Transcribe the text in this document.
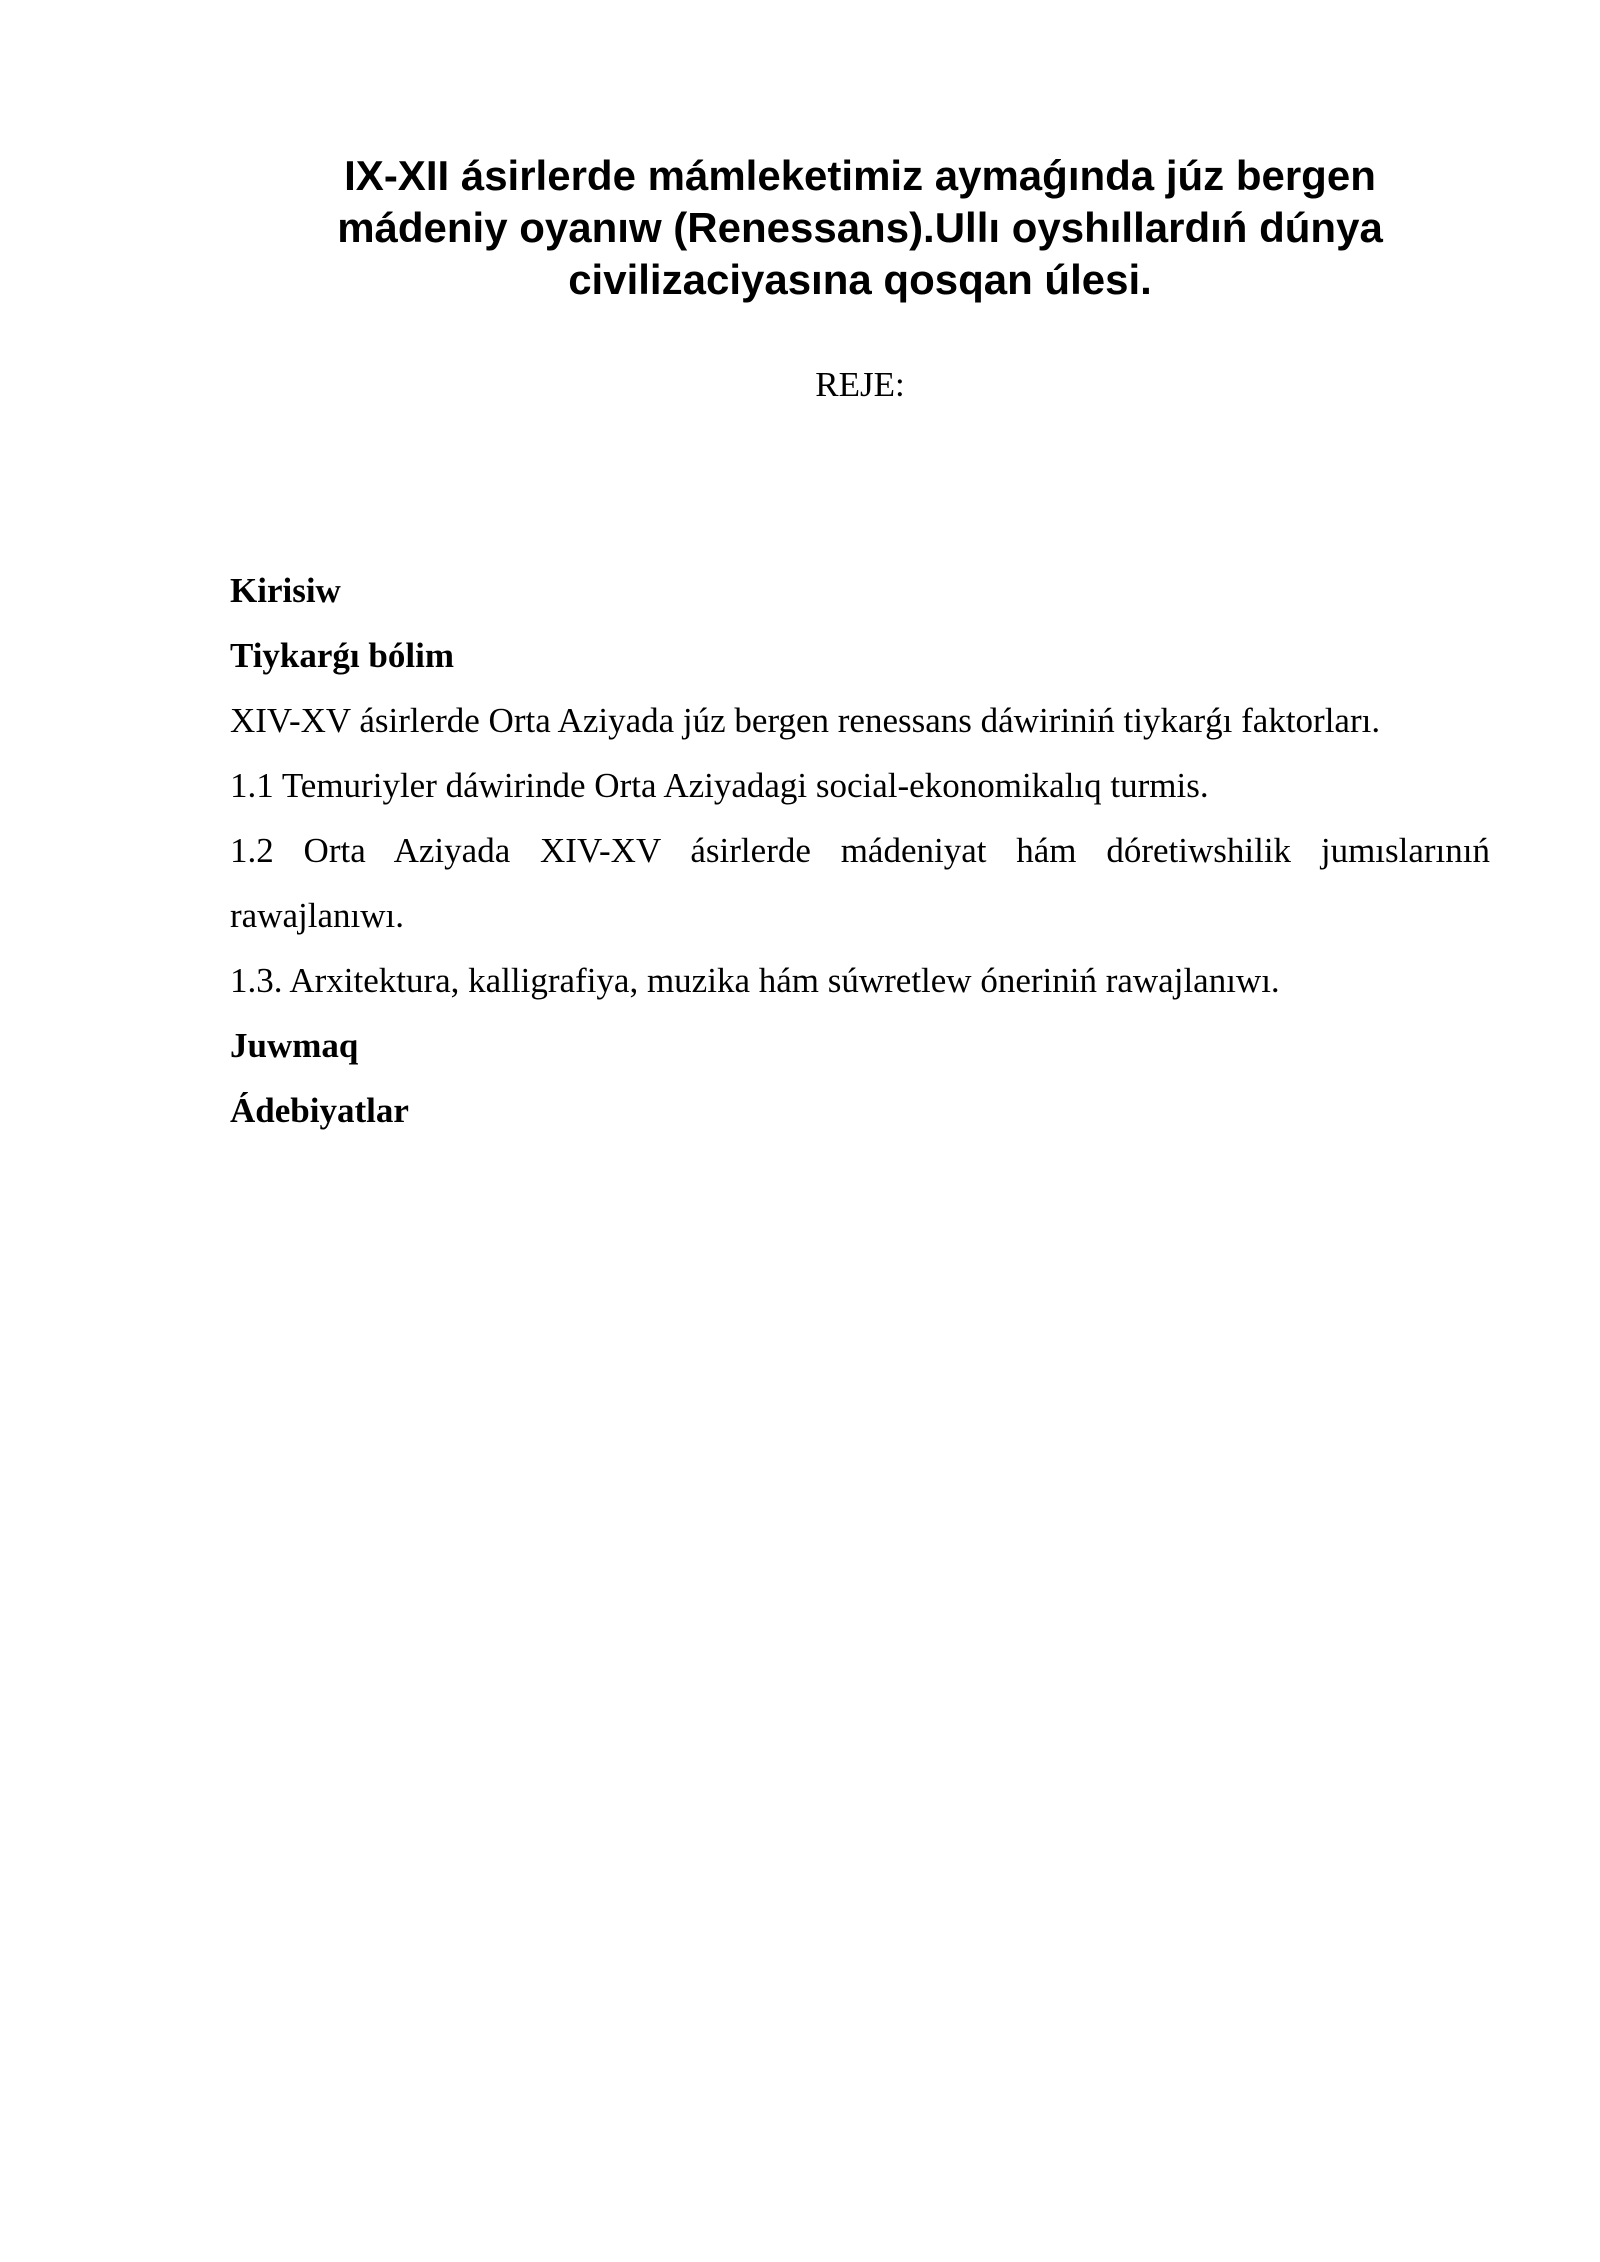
IX-XII ásirlerde mámleketimiz aymaǵında júz bergen
mádeniy oyanıw (Renessans).Ullı oyshıllardıń dúnya
civilizaciyasına qosqan úlesi.

REJE:

Kirisiw

Tiykarǵı bólim

XIV-XV ásirlerde Orta Aziyada júz bergen renessans dáwiriniń tiykarǵı faktorları.

1.1 Temuriyler dáwirinde Orta Aziyadagi social-ekonomikalıq turmis.

1.2 Orta Aziyada XIV-XV ásirlerde mádeniyat hám dóretiwshilik jumıslarınıń
rawajlanıwı.

1.3. Arxitektura, kalligrafiya, muzika hám súwretlew óneriniń rawajlanıwı.

Juwmaq

Ádebiyatlar
